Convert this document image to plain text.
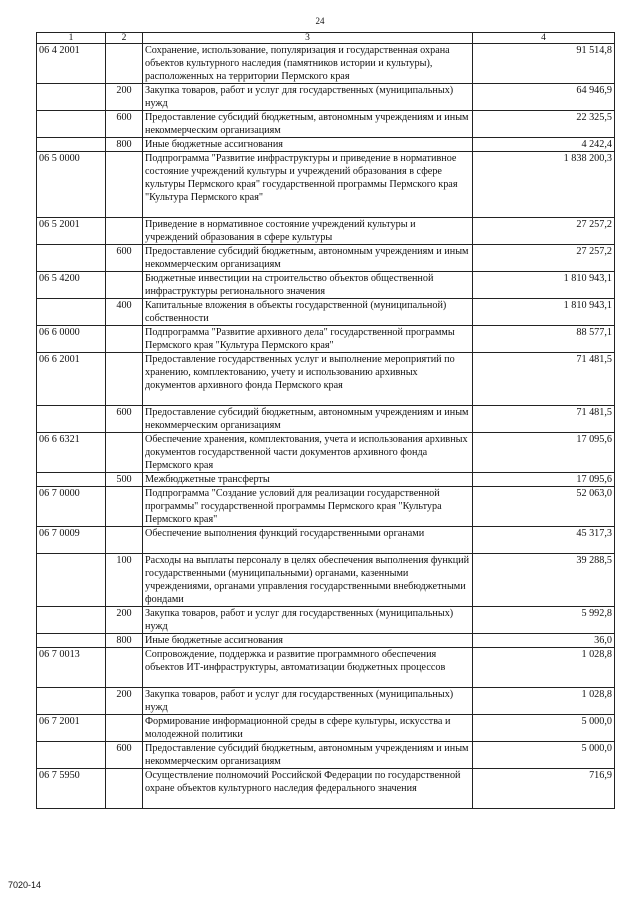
24
1	2	3	4
06 4 2001		Сохранение, использование, популяризация и государственная охрана объектов культурного наследия (памятников истории и культуры), расположенных на территории Пермского края	91 514,8
	200	Закупка товаров, работ и услуг для государственных (муниципальных) нужд	64 946,9
	600	Предоставление субсидий бюджетным, автономным учреждениям и иным некоммерческим организациям	22 325,5
	800	Иные бюджетные ассигнования	4 242,4
06 5 0000		Подпрограмма "Развитие инфраструктуры и приведение в нормативное состояние учреждений культуры и учреждений образования в сфере культуры Пермского края" государственной программы Пермского края "Культура Пермского края"	1 838 200,3
06 5 2001		Приведение в нормативное состояние учреждений культуры и учреждений образования в сфере культуры	27 257,2
	600	Предоставление субсидий бюджетным, автономным учреждениям и иным некоммерческим организациям	27 257,2
06 5 4200		Бюджетные инвестиции на строительство объектов общественной инфраструктуры регионального значения	1 810 943,1
	400	Капитальные вложения в объекты государственной (муниципальной) собственности	1 810 943,1
06 6 0000		Подпрограмма "Развитие архивного дела" государственной программы Пермского края "Культура Пермского края"	88 577,1
06 6 2001		Предоставление государственных услуг и выполнение мероприятий по хранению, комплектованию, учету и использованию архивных документов архивного фонда Пермского края	71 481,5
	600	Предоставление субсидий бюджетным, автономным учреждениям и иным некоммерческим организациям	71 481,5
06 6 6321		Обеспечение хранения, комплектования, учета и использования архивных документов государственной части документов архивного фонда Пермского края	17 095,6
	500	Межбюджетные трансферты	17 095,6
06 7 0000		Подпрограмма "Создание условий для реализации государственной программы" государственной программы Пермского края "Культура Пермского края"	52 063,0
06 7 0009		Обеспечение выполнения функций государственными органами	45 317,3
	100	Расходы на выплаты персоналу в целях обеспечения выполнения функций государственными (муниципальными) органами, казенными учреждениями, органами управления государственными внебюджетными фондами	39 288,5
	200	Закупка товаров, работ и услуг для государственных (муниципальных) нужд	5 992,8
	800	Иные бюджетные ассигнования	36,0
06 7 0013		Сопровождение, поддержка и развитие программного обеспечения объектов ИТ-инфраструктуры, автоматизации бюджетных процессов	1 028,8
	200	Закупка товаров, работ и услуг для государственных (муниципальных) нужд	1 028,8
06 7 2001		Формирование информационной среды в сфере культуры, искусства и молодежной политики	5 000,0
	600	Предоставление субсидий бюджетным, автономным учреждениям и иным некоммерческим организациям	5 000,0
06 7 5950		Осуществление полномочий Российской Федерации по государственной охране объектов культурного наследия федерального значения	716,9
7020-14
